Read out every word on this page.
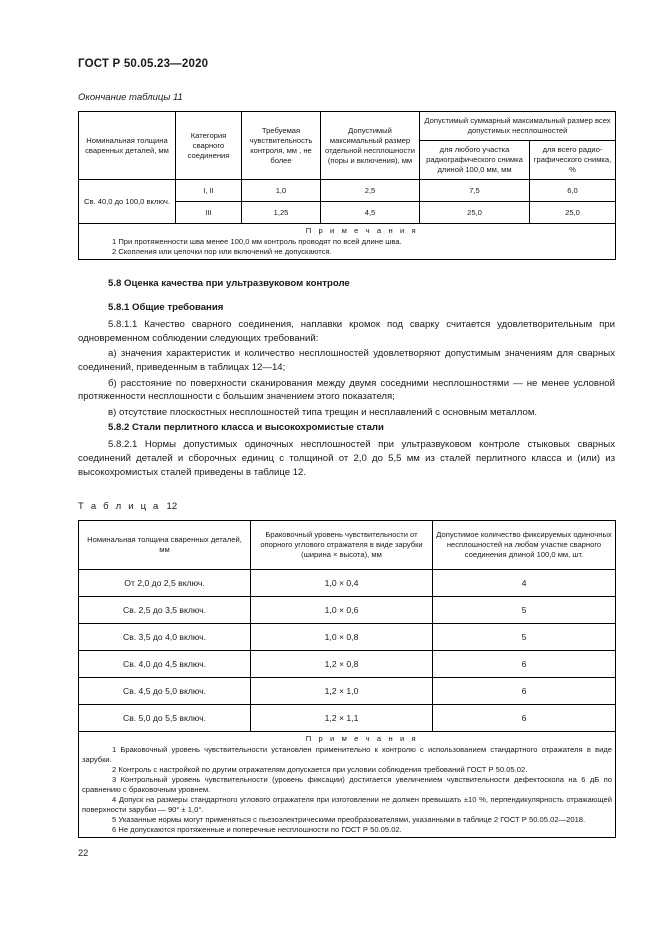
ГОСТ Р 50.05.23—2020
Окончание таблицы 11
Номинальная толщина сваренных деталей, мм	Категория сварного соединения	Требуемая чувствительность контроля, мм , не более	Допустимый максимальный размер отдельной несплошности (поры и включения), мм	Допустимый суммарный максимальный размер всех допустимых несплошностей	
				для любого участка радиографического снимка длиной 100,0 мм, мм	для всего радиографического снимка, %
Св. 40,0 до 100,0 включ.	I, II	1,0	2,5	7,5	6,0
	III	1,25	4,5	25,0	25,0

П р и м е ч а н и я
1 При протяженности шва менее 100,0 мм контроль проводят по всей длине шва.
2 Скопления или цепочки пор или включений не допускаются.					
5.8 Оценка качества при ультразвуковом контроле
5.8.1 Общие требования

5.8.1.1 Качество сварного соединения, наплавки кромок под сварку считается удовлетворительным при одновременном соблюдении следующих требований:

а) значения характеристик и количество несплошностей удовлетворяют допустимым значениям для сварных соединений, приведенным в таблицах 12—14;

б) расстояние по поверхности сканирования между двумя соседними несплошностями — не менее условной протяженности несплошности с большим значением этого показателя;

в) отсутствие плоскостных несплошностей типа трещин и несплавлений с основным металлом.

5.8.2 Стали перлитного класса и высокохромистые стали

5.8.2.1 Нормы допустимых одиночных несплошностей при ультразвуковом контроле стыковых сварных соединений деталей и сборочных единиц с толщиной от 2,0 до 5,5 мм из сталей перлитного класса и (или) из высокохромистых сталей приведены в таблице 12.

Т а б л и ц а 12
Номинальная толщина сваренных деталей, мм	Браковочный уровень чувствительности от опорного углового отражателя в виде зарубки (ширина × высота), мм	Допустимое количество фиксируемых одиночных несплошностей на любом участке сварного соединения длиной 100,0 мм, шт.
От 2,0 до 2,5 включ.	1,0 × 0,4	4
Св. 2,5 до 3,5 включ.	1,0 × 0,6	5
Св. 3,5 до 4,0 включ.	1,0 × 0,8	5
Св. 4,0 до 4,5 включ.	1,2 × 0,8	6
Св. 4,5 до 5,0 включ.	1,2 × 1,0	6
Св. 5,0 до 5,5 включ.	1,2 × 1,1	6

П р и м е ч а н и я
1 Браковочный уровень чувствительности установлен применительно к контролю с использованием стандартного отражателя в виде зарубки.
2 Контроль с настройкой по другим отражателям допускается при условии соблюдения требований ГОСТ Р 50.05.02.
3 Контрольный уровень чувствительности (уровень фиксации) достигается увеличением чувствительности дефектоскопа на 6 дБ по сравнению с браковочным уровнем.
4 Допуск на размеры стандартного углового отражателя при изготовлении не должен превышать ±10 %, перпендикулярность отражающей поверхности зарубки — 90° ± 1,0°.
5 Указанные нормы могут применяться с пьезоэлектрическими преобразователями, указанными в таблице 2 ГОСТ Р 50.05.02—2018.
6 Не допускаются протяженные и поперечные несплошности по ГОСТ Р 50.05.02.
22
